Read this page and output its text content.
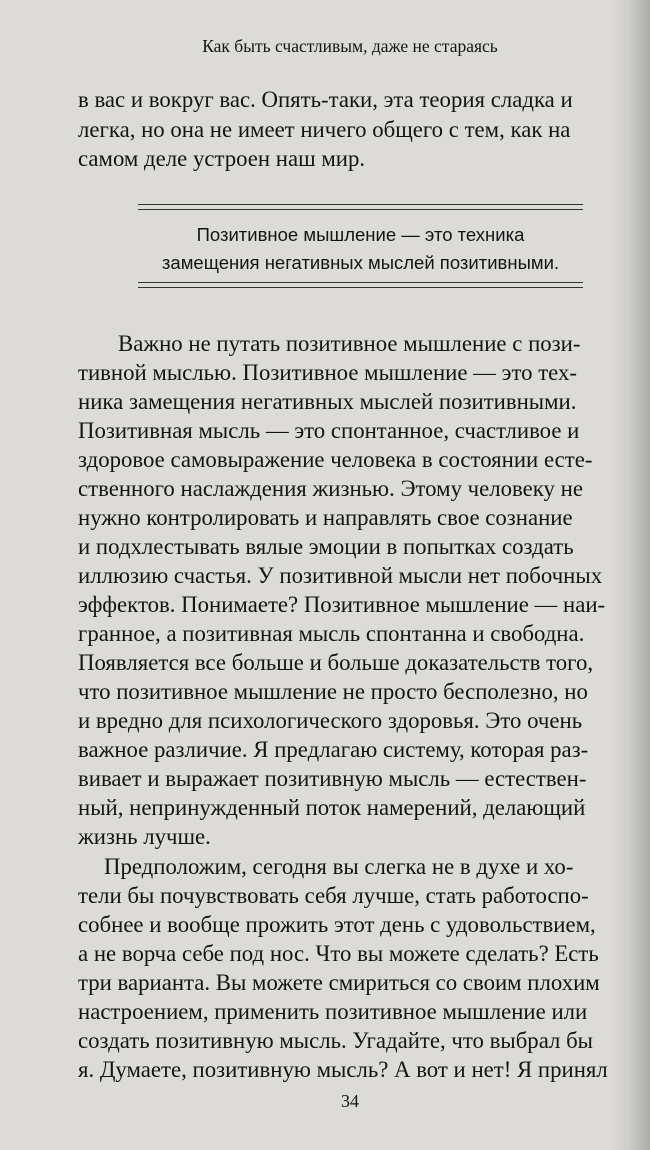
Как быть счастливым, даже не стараясь
в вас и вокруг вас. Опять-таки, эта теория сладка и
легка, но она не имеет ничего общего с тем, как на
самом деле устроен наш мир.
Позитивное мышление — это техника
замещения негативных мыслей позитивными.
Важно не путать позитивное мышление с пози-
тивной мыслью. Позитивное мышление — это тех-
ника замещения негативных мыслей позитивными.
Позитивная мысль — это спонтанное, счастливое и
здоровое самовыражение человека в состоянии есте-
ственного наслаждения жизнью. Этому человеку не
нужно контролировать и направлять свое сознание
и подхлестывать вялые эмоции в попытках создать
иллюзию счастья. У позитивной мысли нет побочных
эффектов. Понимаете? Позитивное мышление — наи-
гранное, а позитивная мысль спонтанна и свободна.
Появляется все больше и больше доказательств того,
что позитивное мышление не просто бесполезно, но
и вредно для психологического здоровья. Это очень
важное различие. Я предлагаю систему, которая раз-
вивает и выражает позитивную мысль — естествен-
ный, непринужденный поток намерений, делающий
жизнь лучше.
Предположим, сегодня вы слегка не в духе и хо-
тели бы почувствовать себя лучше, стать работоспо-
собнее и вообще прожить этот день с удовольствием,
а не ворча себе под нос. Что вы можете сделать? Есть
три варианта. Вы можете смириться со своим плохим
настроением, применить позитивное мышление или
создать позитивную мысль. Угадайте, что выбрал бы
я. Думаете, позитивную мысль? А вот и нет! Я принял
34
